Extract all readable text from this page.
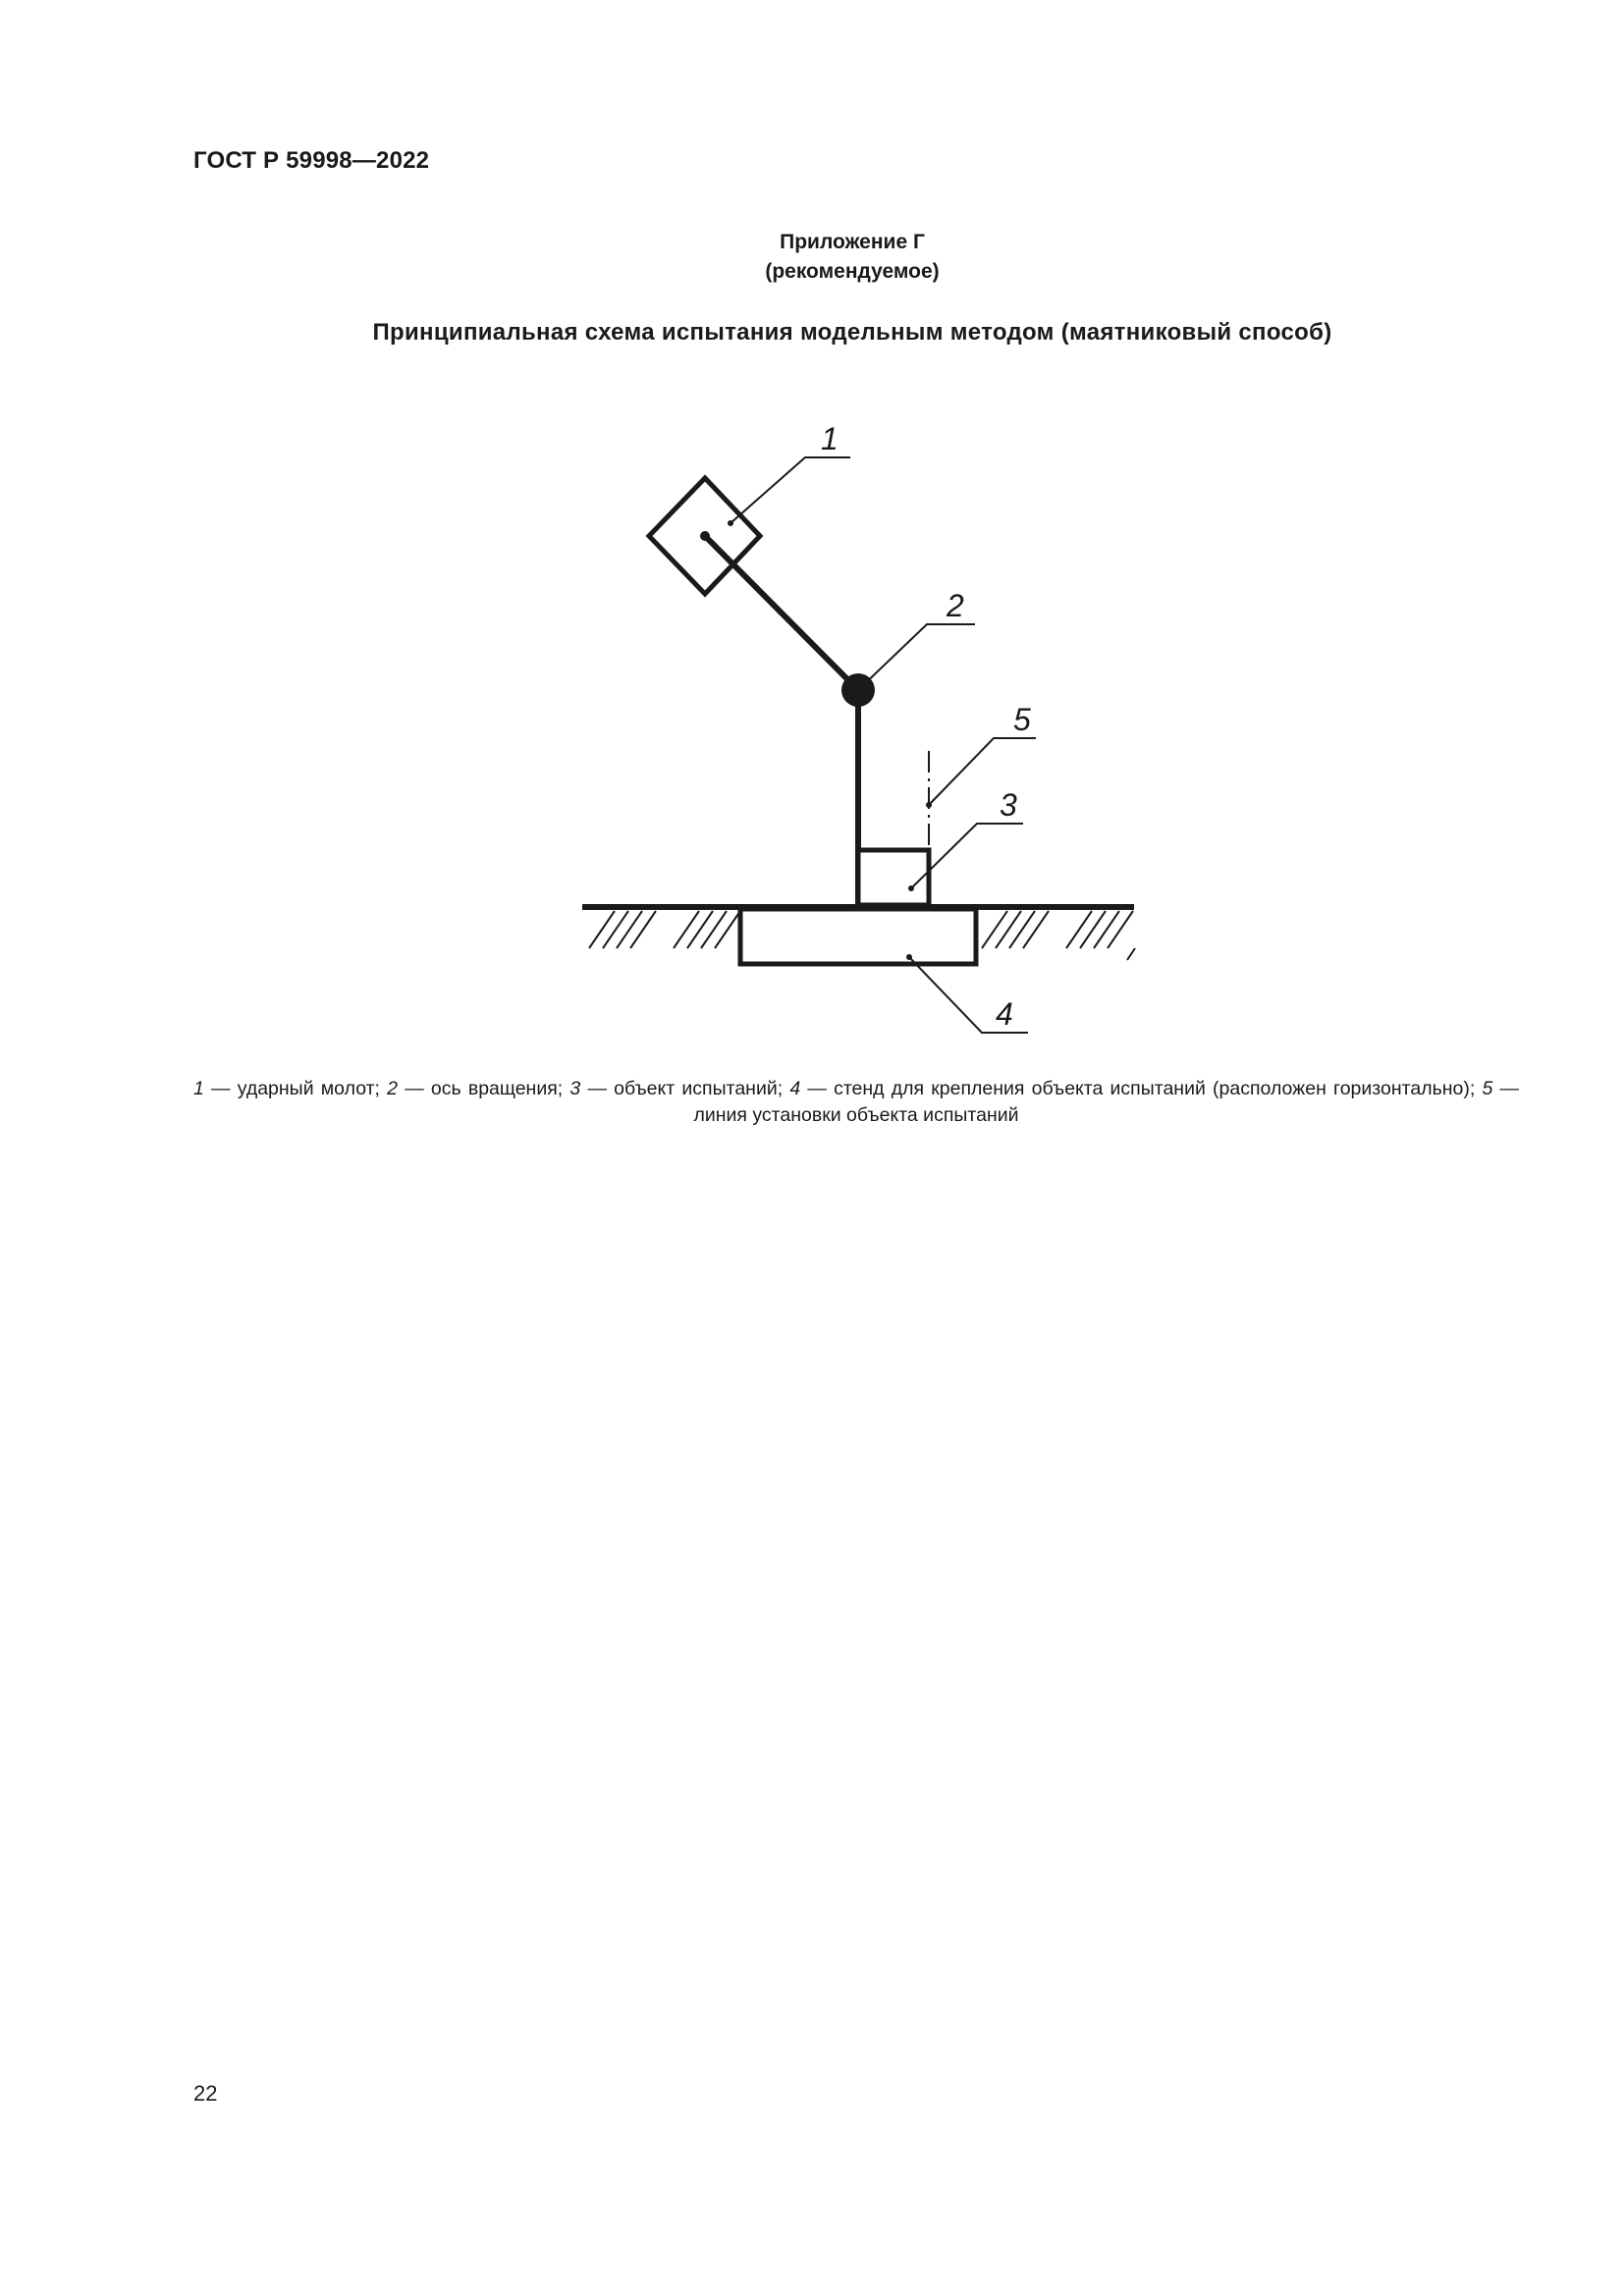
ГОСТ Р 59998—2022
Приложение Г
(рекомендуемое)
Принципиальная схема испытания модельным методом (маятниковый способ)
1
2
5
3
4
1 — ударный молот; 2 — ось вращения; 3 — объект испытаний; 4 — стенд для крепления объекта испытаний (расположен горизонтально); 5 — линия установки объекта испытаний
22
